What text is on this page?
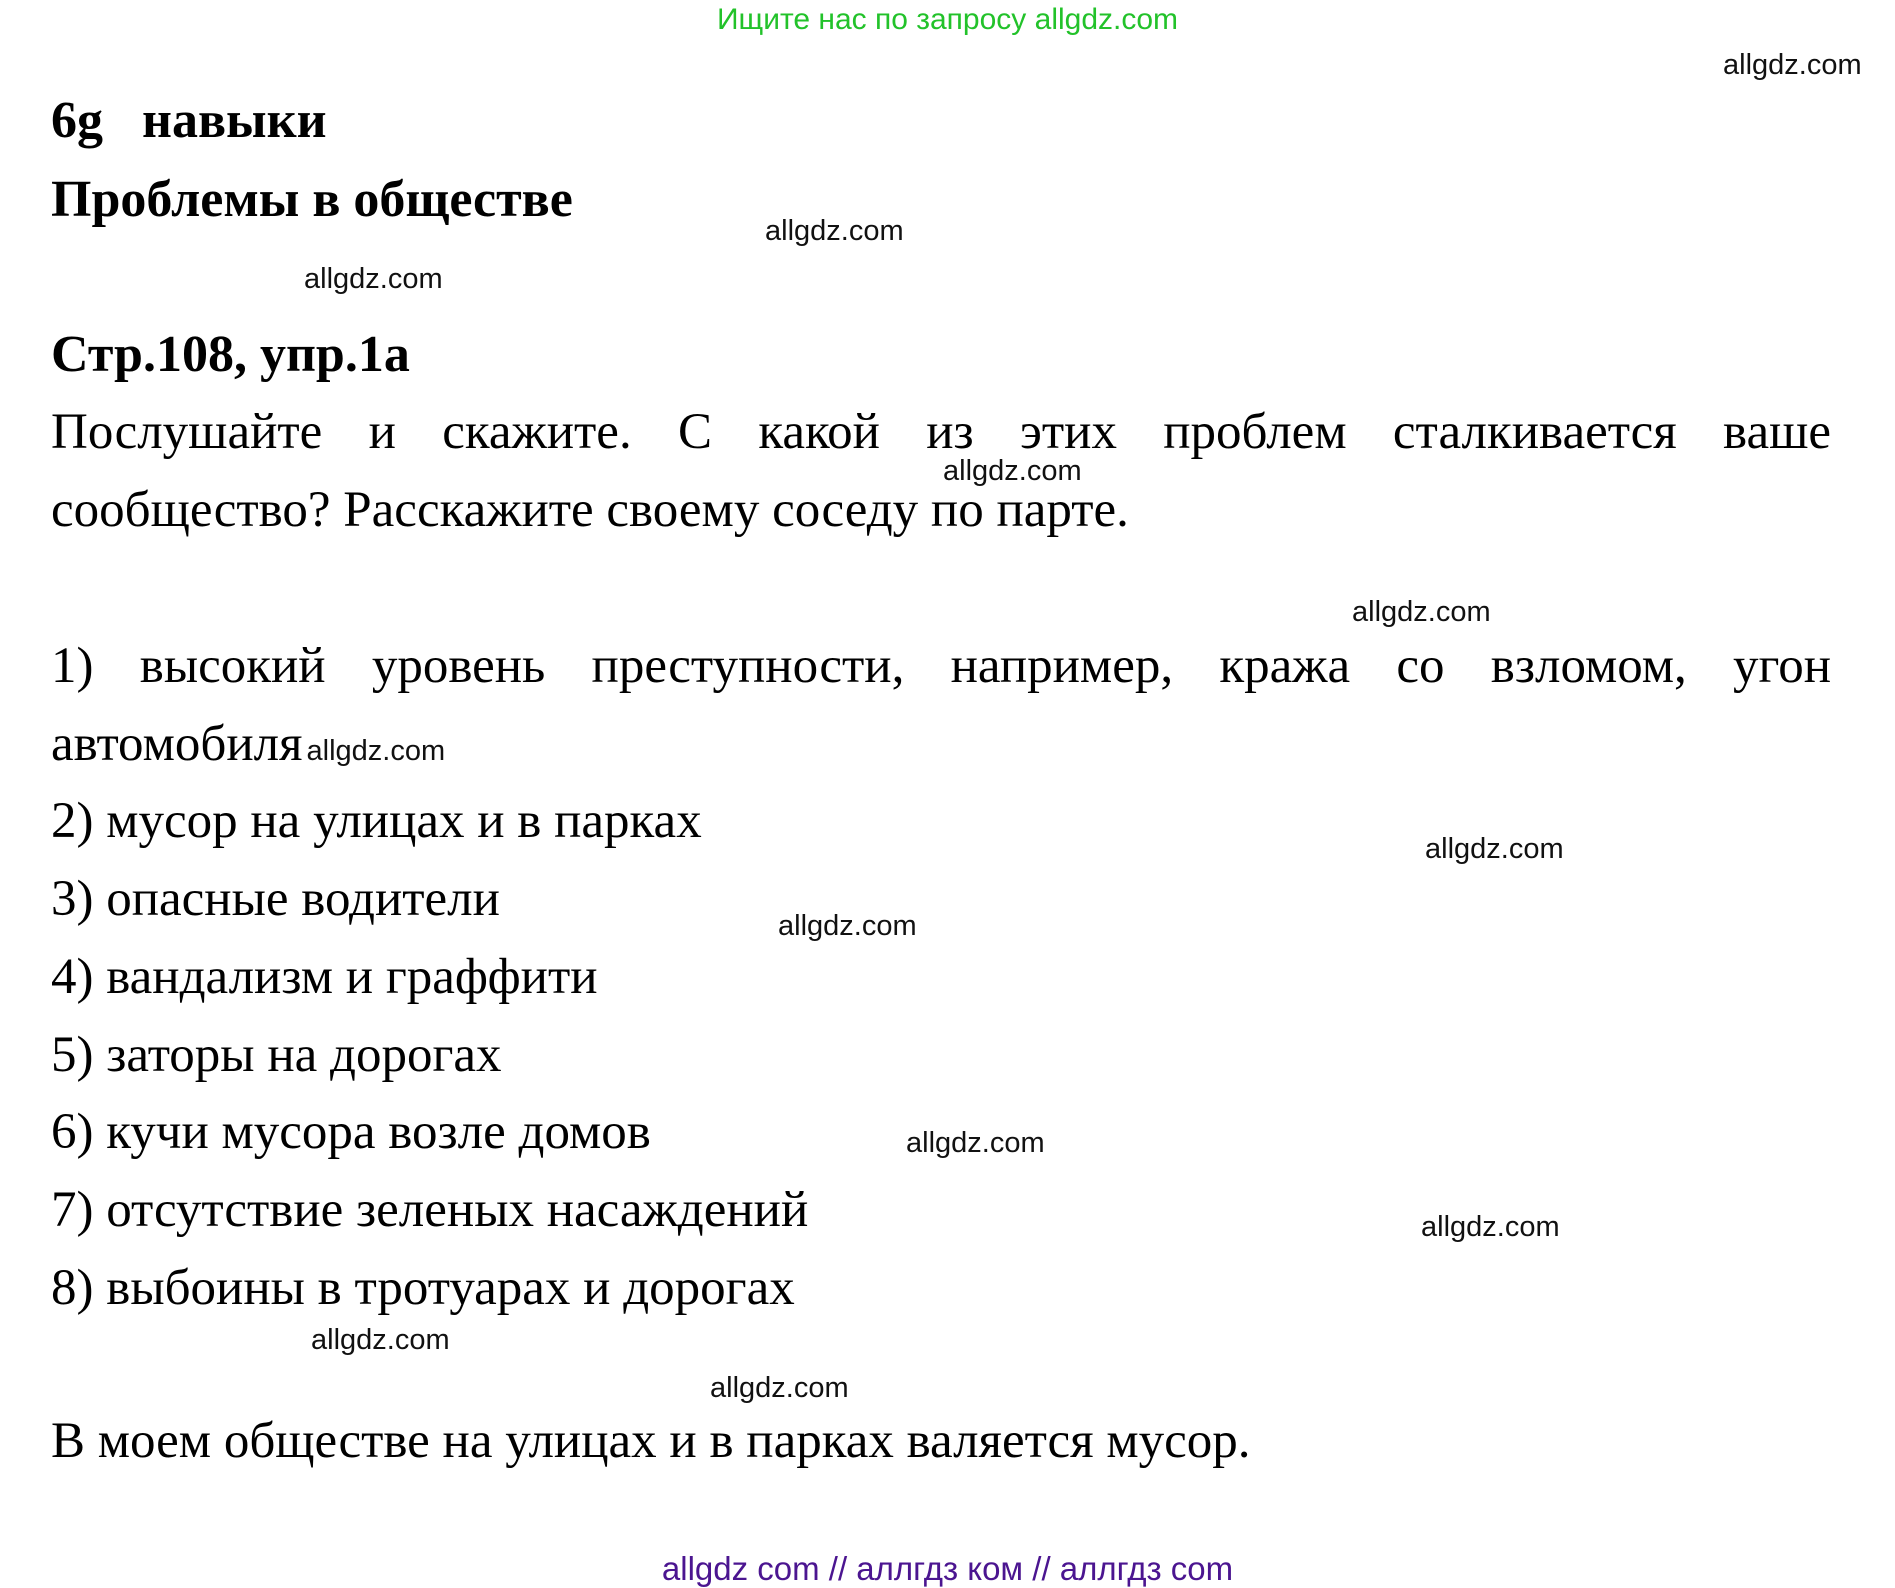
Ищите нас по запросу allgdz.com
allgdz.com
6g навыки
Проблемы в обществе
allgdz.com
allgdz.com
Стр.108, упр.1а
Послушайте и скажите. С какой из этих проблем сталкивается ваше
allgdz.com
сообщество? Расскажите своему соседу по парте.
allgdz.com
1) высокий уровень преступности, например, кража со взломом, угон
автомобиля allgdz.com
2) мусор на улицах и в парках	allgdz.com
3) опасные водители	allgdz.com
4) вандализм и граффити
5) заторы на дорогах
6) кучи мусора возле домов	allgdz.com
7) отсутствие зеленых насаждений	allgdz.com
8) выбоины в тротуарах и дорогах
allgdz.com
allgdz.com
В моем обществе на улицах и в парках валяется мусор.
allgdz com // аллгдз ком // аллгдз com
